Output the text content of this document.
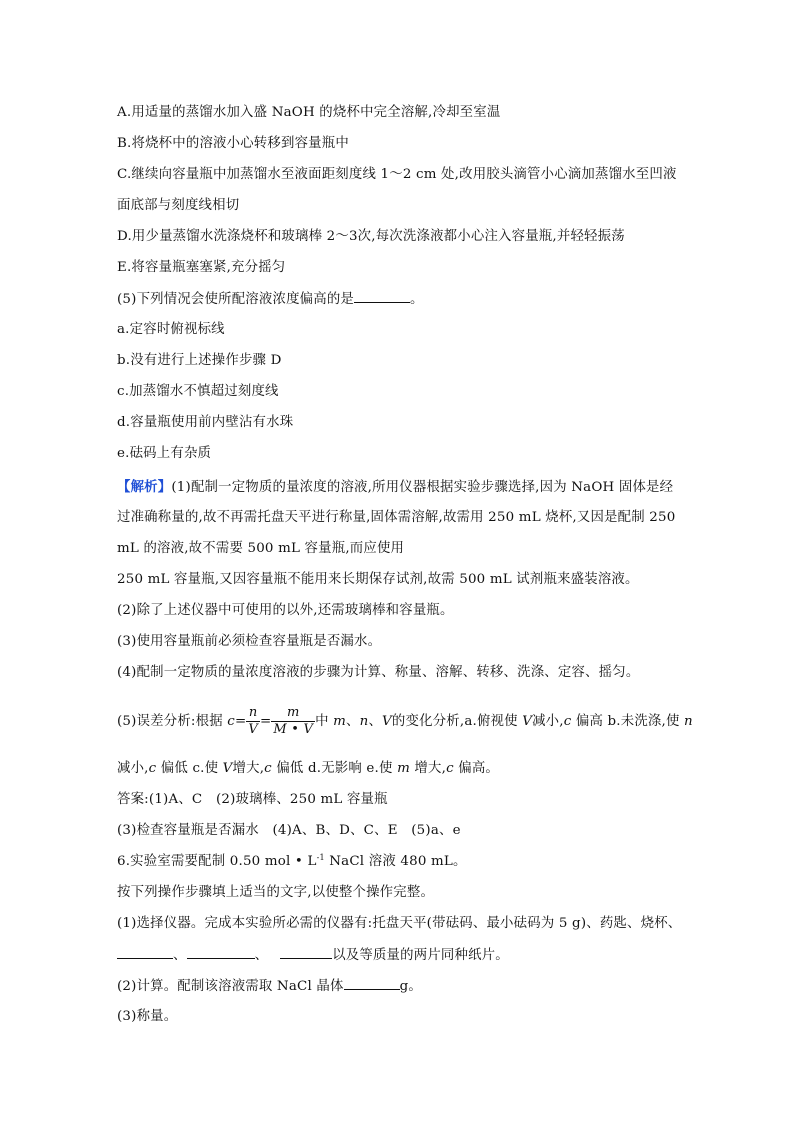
A.用适量的蒸馏水加入盛 NaOH 的烧杯中完全溶解,冷却至室温
B.将烧杯中的溶液小心转移到容量瓶中
C.继续向容量瓶中加蒸馏水至液面距刻度线 1～2 cm 处,改用胶头滴管小心滴加蒸馏水至凹液
面底部与刻度线相切
D.用少量蒸馏水洗涤烧杯和玻璃棒 2～3次,每次洗涤液都小心注入容量瓶,并轻轻振荡
E.将容量瓶塞塞紧,充分摇匀
(5)下列情况会使所配溶液浓度偏高的是	。
a.定容时俯视标线
b.没有进行上述操作步骤 D
c.加蒸馏水不慎超过刻度线
d.容量瓶使用前内壁沾有水珠
e.砝码上有杂质
【解析】(1)配制一定物质的量浓度的溶液,所用仪器根据实验步骤选择,因为 NaOH 固体是经
过准确称量的,故不再需托盘天平进行称量,固体需溶解,故需用 250 mL 烧杯,又因是配制 250
mL 的溶液,故不需要 500 mL 容量瓶,而应使用
250 mL 容量瓶,又因容量瓶不能用来长期保存试剂,故需 500 mL 试剂瓶来盛装溶液。
(2)除了上述仪器中可使用的以外,还需玻璃棒和容量瓶。
(3)使用容量瓶前必须检查容量瓶是否漏水。
(4)配制一定物质的量浓度溶液的步骤为计算、称量、溶解、转移、洗涤、定容、摇匀。
(5)误差分析:根据 $c= \frac{n}{V} = \frac{m}{M • V}$ 中 m、n、V的变化分析,a.俯视使 V减小,c 偏高 b.未洗涤,使 n
减小,c 偏低 c.使 V增大,c 偏低 d.无影响 e.使 m 增大,c 偏高。
答案:(1)A、C　(2)玻璃棒、250 mL 容量瓶
(3)检查容量瓶是否漏水　(4)A、B、D、C、E　(5)a、e
6.实验室需要配制 0.50 mol • $L^{-1}$ NaCl 溶液 480 mL。
按下列操作步骤填上适当的文字,以使整个操作完整。
(1)选择仪器。完成本实验所必需的仪器有:托盘天平(带砝码、最小砝码为 5 g)、药匙、烧杯、
、	、	以及等质量的两片同种纸片。
(2)计算。配制该溶液需取 NaCl 晶体	g。
(3)称量。
